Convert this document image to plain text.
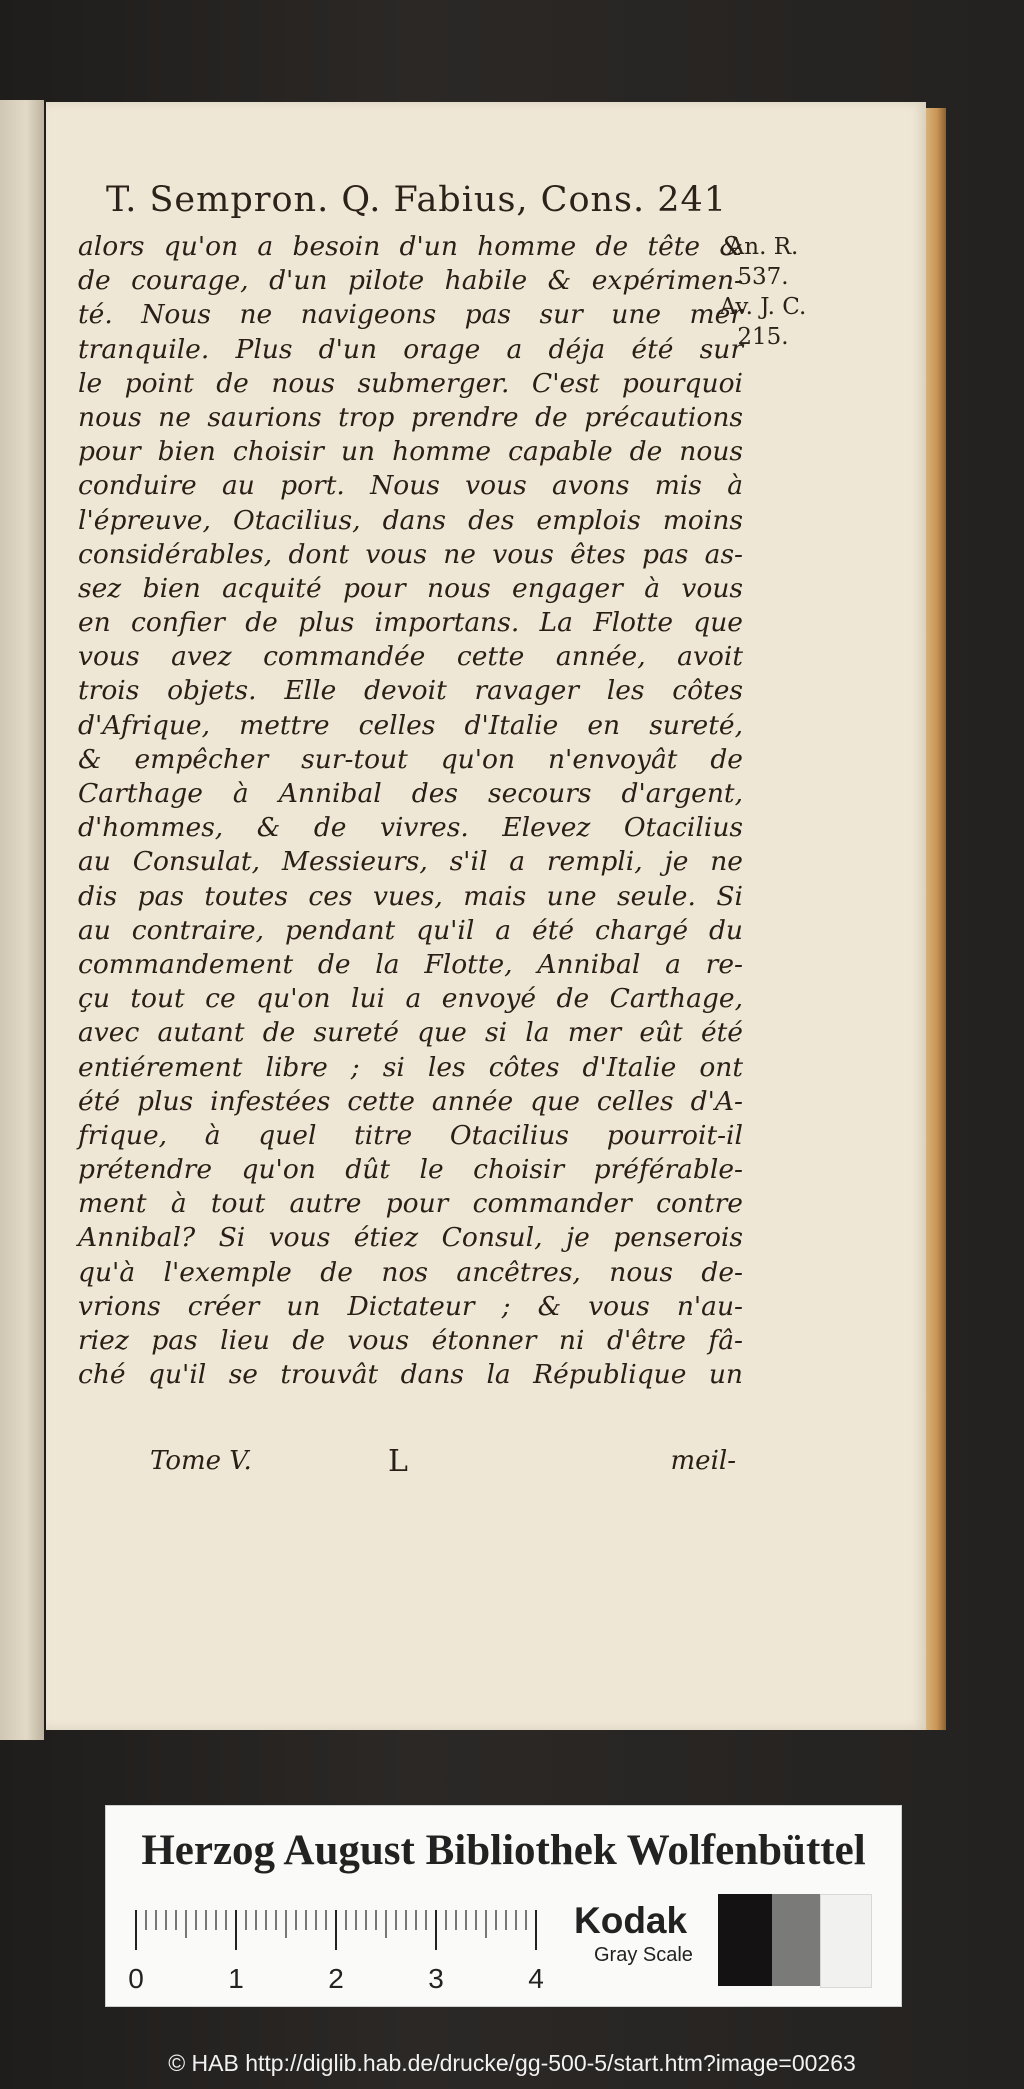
T. Sempron. Q. Fabius, Cons. 241
alors qu'on a besoin d'un homme de tête &
de courage, d'un pilote habile & expérimen-
té. Nous ne navigeons pas sur une mer
tranquile. Plus d'un orage a déja été sur
le point de nous submerger. C'est pourquoi
nous ne saurions trop prendre de précautions
pour bien choisir un homme capable de nous
conduire au port. Nous vous avons mis à
l'épreuve, Otacilius, dans des emplois moins
considérables, dont vous ne vous êtes pas as-
sez bien acquité pour nous engager à vous
en confier de plus importans. La Flotte que
vous avez commandée cette année, avoit
trois objets. Elle devoit ravager les côtes
d'Afrique, mettre celles d'Italie en sureté,
& empêcher sur-tout qu'on n'envoyât de
Carthage à Annibal des secours d'argent,
d'hommes, & de vivres. Elevez Otacilius
au Consulat, Messieurs, s'il a rempli, je ne
dis pas toutes ces vues, mais une seule. Si
au contraire, pendant qu'il a été chargé du
commandement de la Flotte, Annibal a re-
çu tout ce qu'on lui a envoyé de Carthage,
avec autant de sureté que si la mer eût été
entiérement libre ; si les côtes d'Italie ont
été plus infestées cette année que celles d'A-
frique, à quel titre Otacilius pourroit-il
prétendre qu'on dût le choisir préférable-
ment à tout autre pour commander contre
Annibal? Si vous étiez Consul, je penserois
qu'à l'exemple de nos ancêtres, nous de-
vrions créer un Dictateur ; & vous n'au-
riez pas lieu de vous étonner ni d'être fâ-
ché qu'il se trouvât dans la République un
An. R.
537.
Av. J. C.
215.
Tome V.	L	meil-
Herzog August Bibliothek Wolfenbüttel
0	1	2	3	4
Kodak
Gray Scale
© HAB http://diglib.hab.de/drucke/gg-500-5/start.htm?image=00263
